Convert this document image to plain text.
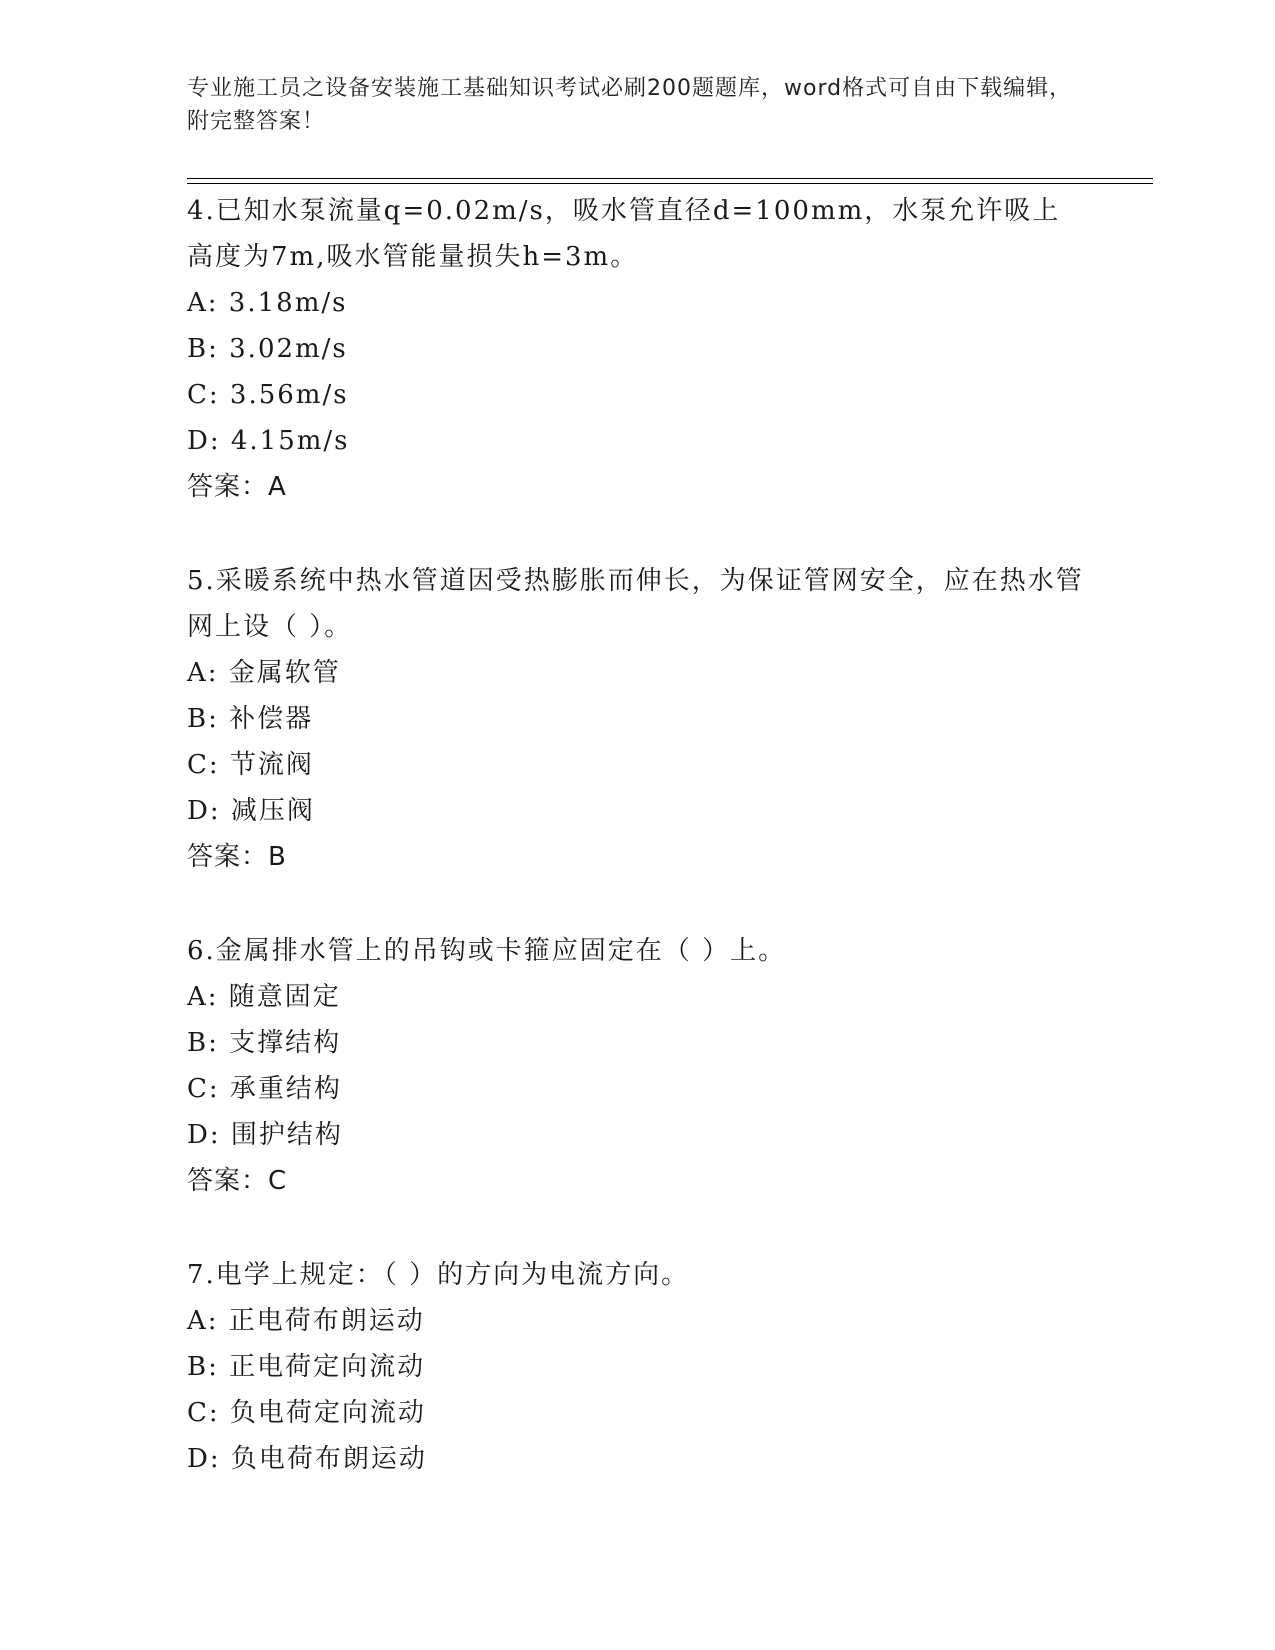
专业施工员之设备安装施工基础知识考试必刷200题题库，word格式可自由下载编辑，附完整答案！

4.已知水泵流量q=0.02m/s，吸水管直径d=100mm，水泵允许吸上高度为7m,吸水管能量损失h=3m。

A: 3.18m/s

B: 3.02m/s

C: 3.56m/s

D: 4.15m/s

答案：A

5.采暖系统中热水管道因受热膨胀而伸长，为保证管网安全，应在热水管网上设（ ）。

A: 金属软管

B: 补偿器

C: 节流阀

D: 减压阀

答案：B

6.金属排水管上的吊钩或卡箍应固定在（ ）上。

A: 随意固定

B: 支撑结构

C: 承重结构

D: 围护结构

答案：C

7.电学上规定：（ ）的方向为电流方向。

A: 正电荷布朗运动

B: 正电荷定向流动

C: 负电荷定向流动

D: 负电荷布朗运动
